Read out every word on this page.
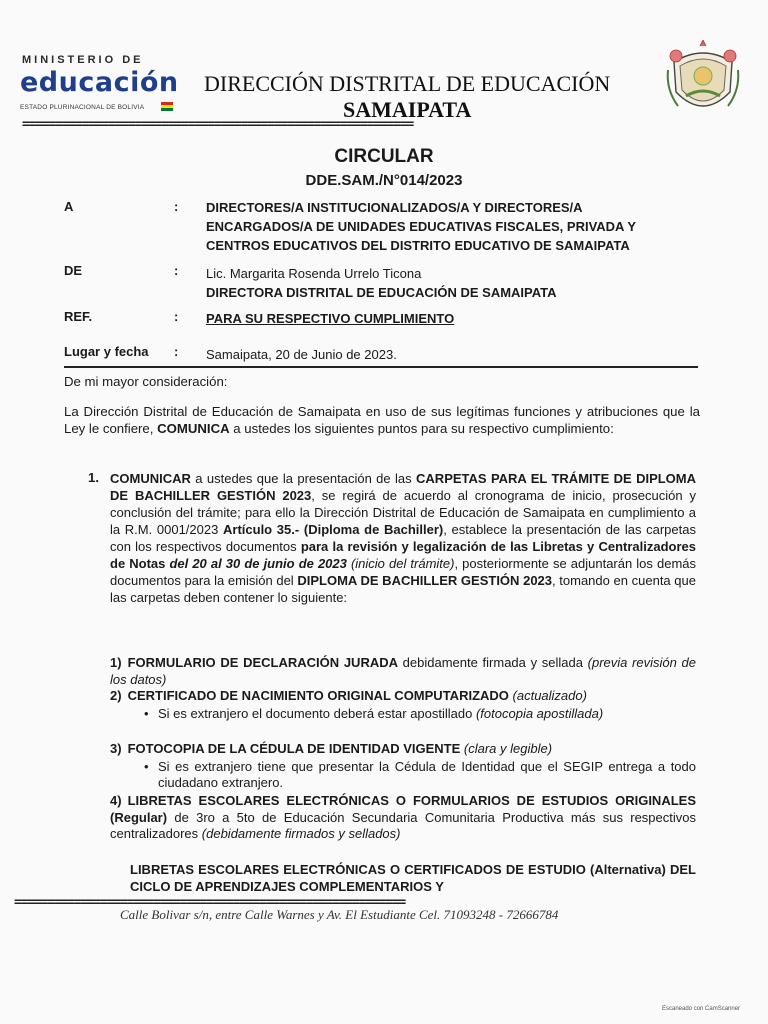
MINISTERIO DE
educación
ESTADO PLURINACIONAL DE BOLIVIA
DIRECCIÓN DISTRITAL DE EDUCACIÓN
SAMAIPATA
===========================================================
CIRCULAR
DDE.SAM./N°014/2023
A	: DIRECTORES/A INSTITUCIONALIZADOS/A Y DIRECTORES/A
ENCARGADOS/A DE UNIDADES EDUCATIVAS FISCALES, PRIVADA Y
CENTROS EDUCATIVOS DEL DISTRITO EDUCATIVO DE SAMAIPATA
DE	: Lic. Margarita Rosenda Urrelo Ticona
DIRECTORA DISTRITAL DE EDUCACIÓN DE SAMAIPATA
REF.	: PARA SU RESPECTIVO CUMPLIMIENTO
Lugar y fecha : Samaipata, 20 de Junio de 2023.
De mi mayor consideración:
La Dirección Distrital de Educación de Samaipata en uso de sus legítimas funciones y atribuciones que la Ley le confiere, COMUNICA a ustedes los siguientes puntos para su respectivo cumplimiento:
1. COMUNICAR a ustedes que la presentación de las CARPETAS PARA EL TRÁMITE DE DIPLOMA DE BACHILLER GESTIÓN 2023, se regirá de acuerdo al cronograma de inicio, prosecución y conclusión del trámite; para ello la Dirección Distrital de Educación de Samaipata en cumplimiento a la R.M. 0001/2023 Artículo 35.- (Diploma de Bachiller), establece la presentación de las carpetas con los respectivos documentos para la revisión y legalización de las Libretas y Centralizadores de Notas del 20 al 30 de junio de 2023 (inicio del trámite), posteriormente se adjuntarán los demás documentos para la emisión del DIPLOMA DE BACHILLER GESTIÓN 2023, tomando en cuenta que las carpetas deben contener lo siguiente:
1) FORMULARIO DE DECLARACIÓN JURADA debidamente firmada y sellada (previa revisión de los datos)
2) CERTIFICADO DE NACIMIENTO ORIGINAL COMPUTARIZADO (actualizado)
• Si es extranjero el documento deberá estar apostillado (fotocopia apostillada)
3) FOTOCOPIA DE LA CÉDULA DE IDENTIDAD VIGENTE (clara y legible)
• Si es extranjero tiene que presentar la Cédula de Identidad que el SEGIP entrega a todo ciudadano extranjero.
4) LIBRETAS ESCOLARES ELECTRÓNICAS O FORMULARIOS DE ESTUDIOS ORIGINALES (Regular) de 3ro a 5to de Educación Secundaria Comunitaria Productiva más sus respectivos centralizadores (debidamente firmados y sellados)
LIBRETAS ESCOLARES ELECTRÓNICAS O CERTIFICADOS DE ESTUDIO (Alternativa) DEL CICLO DE APRENDIZAJES COMPLEMENTARIOS Y
===========================================================
Calle Bolivar s/n, entre Calle Warnes y Av. El Estudiante Cel. 71093248 - 72666784
Escaneado con CamScanner
